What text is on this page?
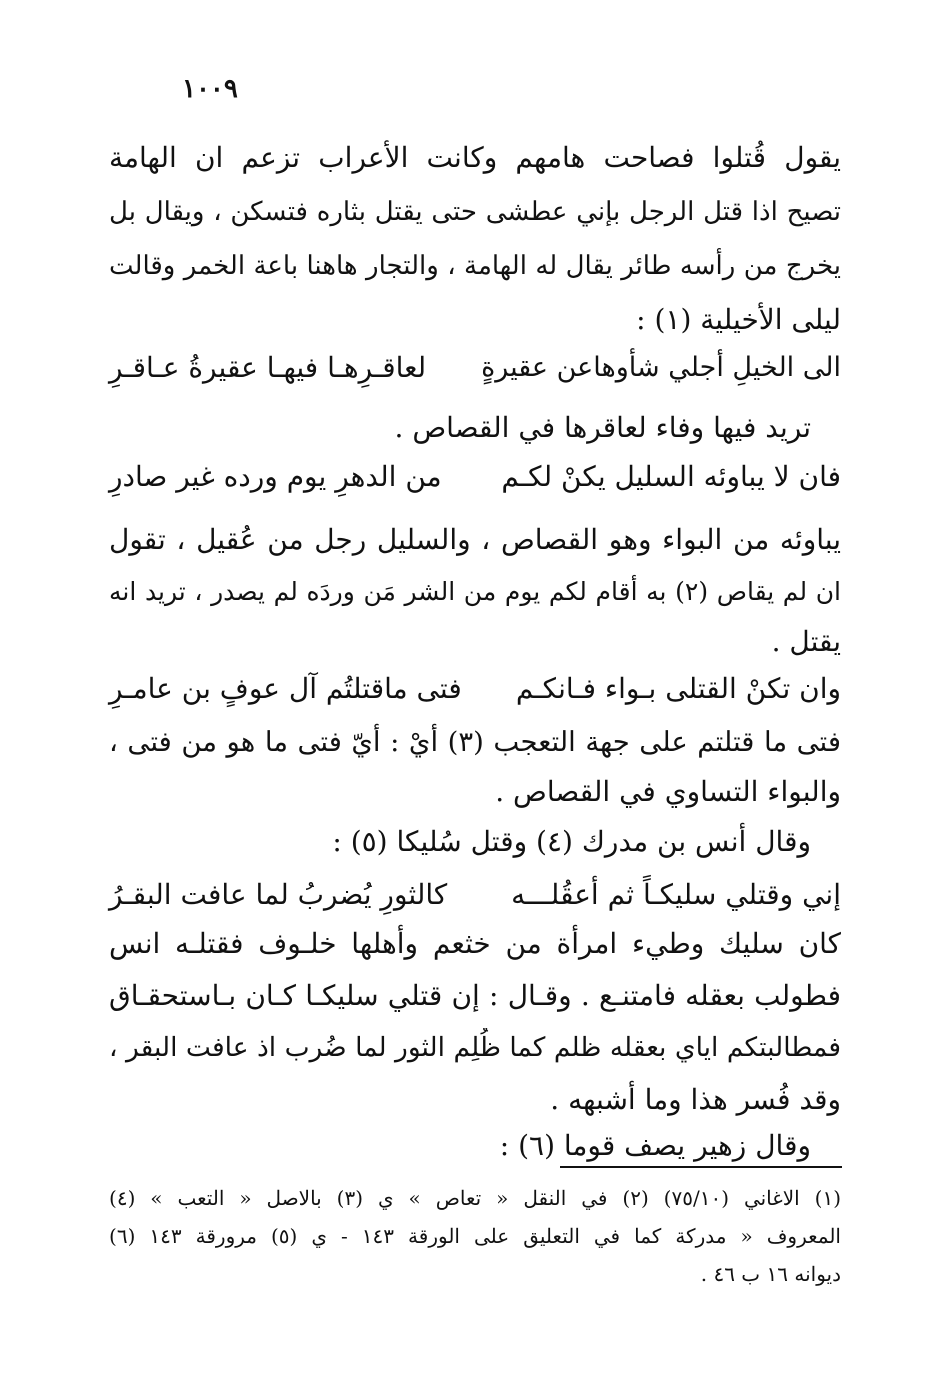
١٠٠٩
يقول قُتلوا فصاحت هامهم وكانت الأعراب تزعم ان الهامة
تصيح اذا قتل الرجل بإني عطشى حتى يقتل بثاره فتسكن ، ويقال بل
يخرج من رأسه طائر يقال له الهامة ، والتجار هاهنا باعة الخمر وقالت
ليلى الأخيلية (١) :
الى الخيلِ أجلي شأوهاعن عقيرةٍ
لعاقـرِهـا فيهـا عقيرةُ عـاقـرِ
تريد فيها وفاء لعاقرها في القصاص .
فان لا يباوئه السليل يكنْ لكـم
من الدهرِ يوم ورده غير صادرِ
يباوئه من البواء وهو القصاص ، والسليل رجل من عُقيل ، تقول
ان لم يقاص (٢) به أقام لكم يوم من الشر مَن وردَه لم يصدر ، تريد انه
يقتل .
وان تكنْ القتلى بـواء فـانكـم
فتى ماقتلتُم آل عوفٍ بن عامـرِ
فتى ما قتلتم على جهة التعجب (٣) أيْ : أيّ فتى ما هو من فتى ،
والبواء التساوي في القصاص .
وقال أنس بن مدرك (٤) وقتل سُليكا (٥) :
إني وقتلي سليكـاً ثم أعقُلـــه
كالثورِ يُضربُ لما عافت البقـرُ
كان سليك وطيء امرأة من خثعم وأهلها خلـوف فقتلـه انس
فطولب بعقله فامتنـع . وقـال : إن قتلي سليكـا كـان بـاستحقـاق
فمطالبتكم اياي بعقله ظلم كما ظُلِم الثور لما ضُرب اذ عافت البقر ،
وقد فُسر هذا وما أشبهه .
وقال زهير يصف قوما (٦) :
(١) الاغاني (٧٥/١٠) (٢) في النقل « تعاص » ي (٣) بالاصل « التعب » (٤)
المعروف « مدركة كما في التعليق على الورقة ١٤٣ - ي (٥) مرورقة ١٤٣ (٦)
ديوانه ١٦ ب ٤٦ .
